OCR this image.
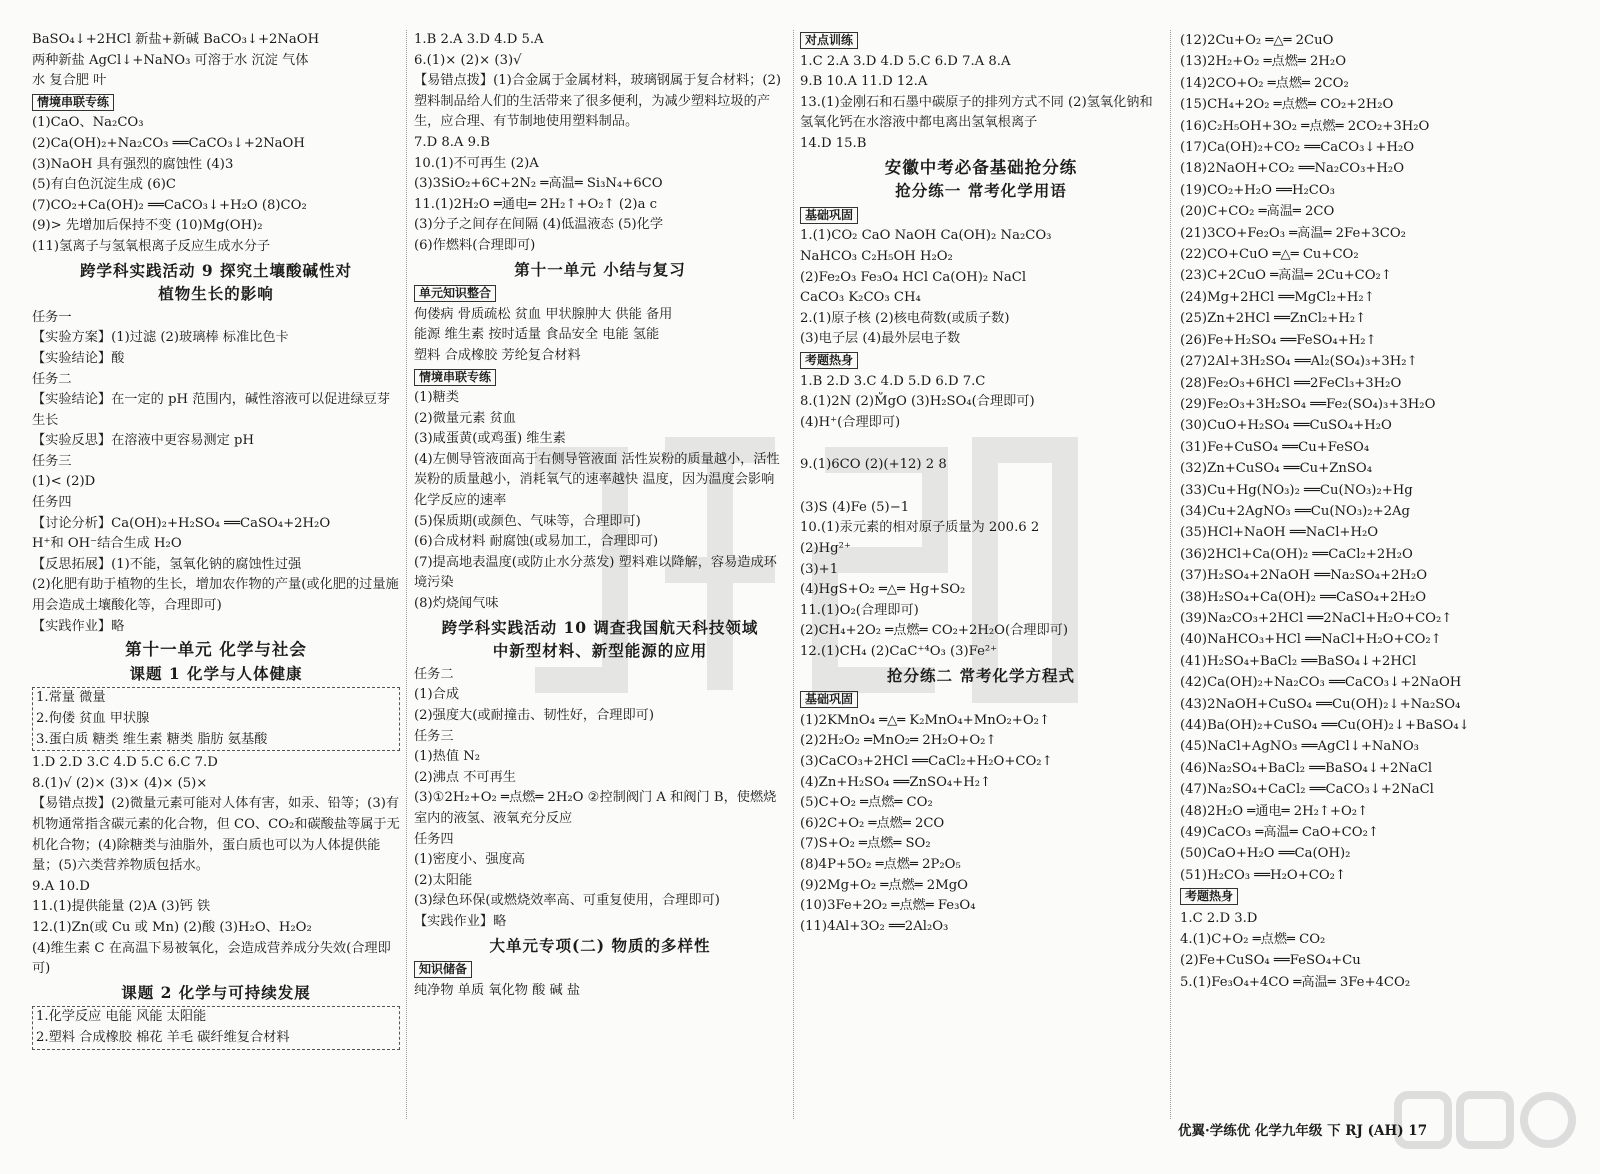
BaSO₄↓+2HCl 新盐+新碱 BaCO₃↓+2NaOH
两种新盐 AgCl↓+NaNO₃ 可溶于水 沉淀 气体
水 复合肥 叶
情境串联专练
(1)CaO、Na₂CO₃
(2)Ca(OH)₂+Na₂CO₃ ══CaCO₃↓+2NaOH
(3)NaOH 具有强烈的腐蚀性 (4)3
(5)有白色沉淀生成 (6)C
(7)CO₂+Ca(OH)₂ ══CaCO₃↓+H₂O (8)CO₂
(9)> 先增加后保持不变 (10)Mg(OH)₂
(11)氢离子与氢氧根离子反应生成水分子
跨学科实践活动 9 探究土壤酸碱性对
植物生长的影响
任务一
【实验方案】(1)过滤 (2)玻璃棒 标准比色卡
【实验结论】酸
任务二
【实验结论】在一定的 pH 范围内，碱性溶液可以促进绿豆芽生长
【实验反思】在溶液中更容易测定 pH
任务三
(1)< (2)D
任务四
【讨论分析】Ca(OH)₂+H₂SO₄ ══CaSO₄+2H₂O
H⁺和 OH⁻结合生成 H₂O
【反思拓展】(1)不能，氢氧化钠的腐蚀性过强
(2)化肥有助于植物的生长，增加农作物的产量(或化肥的过量施用会造成土壤酸化等，合理即可)
【实践作业】略
第十一单元 化学与社会
课题 1 化学与人体健康
1.常量 微量
2.佝偻 贫血 甲状腺
3.蛋白质 糖类 维生素 糖类 脂肪 氨基酸
1.D 2.D 3.C 4.D 5.C 6.C 7.D
8.(1)√ (2)× (3)× (4)× (5)×
【易错点拨】(2)微量元素可能对人体有害，如汞、铅等；(3)有机物通常指含碳元素的化合物，但 CO、CO₂和碳酸盐等属于无机化合物；(4)除糖类与油脂外，蛋白质也可以为人体提供能量；(5)六类营养物质包括水。
9.A 10.D
11.(1)提供能量 (2)A (3)钙 铁
12.(1)Zn(或 Cu 或 Mn) (2)酸 (3)H₂O、H₂O₂
(4)维生素 C 在高温下易被氧化，会造成营养成分失效(合理即可)
课题 2 化学与可持续发展
1.化学反应 电能 风能 太阳能
2.塑料 合成橡胶 棉花 羊毛 碳纤维复合材料
1.B 2.A 3.D 4.D 5.A
6.(1)× (2)× (3)√
【易错点拨】(1)合金属于金属材料，玻璃钢属于复合材料；(2)塑料制品给人们的生活带来了很多便利，为减少塑料垃圾的产生，应合理、有节制地使用塑料制品。
7.D 8.A 9.B
10.(1)不可再生 (2)A
(3)3SiO₂+6C+2N₂ ═高温═ Si₃N₄+6CO
11.(1)2H₂O ═通电═ 2H₂↑+O₂↑ (2)a c
(3)分子之间存在间隔 (4)低温液态 (5)化学
(6)作燃料(合理即可)
第十一单元 小结与复习
单元知识整合
佝偻病 骨质疏松 贫血 甲状腺肿大 供能 备用
能源 维生素 按时适量 食品安全 电能 氢能
塑料 合成橡胶 芳纶复合材料
情境串联专练
(1)糖类
(2)微量元素 贫血
(3)咸蛋黄(或鸡蛋) 维生素
(4)左侧导管液面高于右侧导管液面 活性炭粉的质量越小，活性炭粉的质量越小，消耗氧气的速率越快 温度，因为温度会影响化学反应的速率
(5)保质期(或颜色、气味等，合理即可)
(6)合成材料 耐腐蚀(或易加工，合理即可)
(7)提高地表温度(或防止水分蒸发) 塑料难以降解，容易造成环境污染
(8)灼烧闻气味
跨学科实践活动 10 调查我国航天科技领域
中新型材料、新型能源的应用
任务二
(1)合成
(2)强度大(或耐撞击、韧性好，合理即可)
任务三
(1)热值 N₂
(2)沸点 不可再生
(3)①2H₂+O₂ ═点燃═ 2H₂O ②控制阀门 A 和阀门 B，使燃烧室内的液氢、液氧充分反应
任务四
(1)密度小、强度高
(2)太阳能
(3)绿色环保(或燃烧效率高、可重复使用，合理即可)
【实践作业】略
大单元专项(二) 物质的多样性
知识储备
纯净物 单质 氧化物 酸 碱 盐
对点训练
1.C 2.A 3.D 4.D 5.C 6.D 7.A 8.A
9.B 10.A 11.D 12.A
13.(1)金刚石和石墨中碳原子的排列方式不同 (2)氢氧化钠和氢氧化钙在水溶液中都电离出氢氧根离子
14.D 15.B
安徽中考必备基础抢分练
抢分练一 常考化学用语
基础巩固
1.(1)CO₂ CaO NaOH Ca(OH)₂ Na₂CO₃
NaHCO₃ C₂H₅OH H₂O₂
(2)Fe₂O₃ Fe₃O₄ HCl Ca(OH)₂ NaCl
CaCO₃ K₂CO₃ CH₄
2.(1)原子核 (2)核电荷数(或质子数)
(3)电子层 (4)最外层电子数
考题热身
1.B 2.D 3.C 4.D 5.D 6.D 7.C
8.(1)2N (2)M̊gO (3)H₂SO₄(合理即可)
(4)H⁺(合理即可)
9.(1)6CO (2)(+12) 2 8
(3)S (4)Fe (5)−1
10.(1)汞元素的相对原子质量为 200.6 2
(2)Hg²⁺
(3)+1
(4)HgS+O₂ ═△═ Hg+SO₂
11.(1)O₂(合理即可)
(2)CH₄+2O₂ ═点燃═ CO₂+2H₂O(合理即可)
12.(1)CH₄ (2)CaC⁺⁴O₃ (3)Fe²⁺
抢分练二 常考化学方程式
基础巩固
(1)2KMnO₄ ═△═ K₂MnO₄+MnO₂+O₂↑
(2)2H₂O₂ ═MnO₂═ 2H₂O+O₂↑
(3)CaCO₃+2HCl ══CaCl₂+H₂O+CO₂↑
(4)Zn+H₂SO₄ ══ZnSO₄+H₂↑
(5)C+O₂ ═点燃═ CO₂
(6)2C+O₂ ═点燃═ 2CO
(7)S+O₂ ═点燃═ SO₂
(8)4P+5O₂ ═点燃═ 2P₂O₅
(9)2Mg+O₂ ═点燃═ 2MgO
(10)3Fe+2O₂ ═点燃═ Fe₃O₄
(11)4Al+3O₂ ══2Al₂O₃
(12)2Cu+O₂ ═△═ 2CuO
(13)2H₂+O₂ ═点燃═ 2H₂O
(14)2CO+O₂ ═点燃═ 2CO₂
(15)CH₄+2O₂ ═点燃═ CO₂+2H₂O
(16)C₂H₅OH+3O₂ ═点燃═ 2CO₂+3H₂O
(17)Ca(OH)₂+CO₂ ══CaCO₃↓+H₂O
(18)2NaOH+CO₂ ══Na₂CO₃+H₂O
(19)CO₂+H₂O ══H₂CO₃
(20)C+CO₂ ═高温═ 2CO
(21)3CO+Fe₂O₃ ═高温═ 2Fe+3CO₂
(22)CO+CuO ═△═ Cu+CO₂
(23)C+2CuO ═高温═ 2Cu+CO₂↑
(24)Mg+2HCl ══MgCl₂+H₂↑
(25)Zn+2HCl ══ZnCl₂+H₂↑
(26)Fe+H₂SO₄ ══FeSO₄+H₂↑
(27)2Al+3H₂SO₄ ══Al₂(SO₄)₃+3H₂↑
(28)Fe₂O₃+6HCl ══2FeCl₃+3H₂O
(29)Fe₂O₃+3H₂SO₄ ══Fe₂(SO₄)₃+3H₂O
(30)CuO+H₂SO₄ ══CuSO₄+H₂O
(31)Fe+CuSO₄ ══Cu+FeSO₄
(32)Zn+CuSO₄ ══Cu+ZnSO₄
(33)Cu+Hg(NO₃)₂ ══Cu(NO₃)₂+Hg
(34)Cu+2AgNO₃ ══Cu(NO₃)₂+2Ag
(35)HCl+NaOH ══NaCl+H₂O
(36)2HCl+Ca(OH)₂ ══CaCl₂+2H₂O
(37)H₂SO₄+2NaOH ══Na₂SO₄+2H₂O
(38)H₂SO₄+Ca(OH)₂ ══CaSO₄+2H₂O
(39)Na₂CO₃+2HCl ══2NaCl+H₂O+CO₂↑
(40)NaHCO₃+HCl ══NaCl+H₂O+CO₂↑
(41)H₂SO₄+BaCl₂ ══BaSO₄↓+2HCl
(42)Ca(OH)₂+Na₂CO₃ ══CaCO₃↓+2NaOH
(43)2NaOH+CuSO₄ ══Cu(OH)₂↓+Na₂SO₄
(44)Ba(OH)₂+CuSO₄ ══Cu(OH)₂↓+BaSO₄↓
(45)NaCl+AgNO₃ ══AgCl↓+NaNO₃
(46)Na₂SO₄+BaCl₂ ══BaSO₄↓+2NaCl
(47)Na₂SO₄+CaCl₂ ══CaCO₃↓+2NaCl
(48)2H₂O ═通电═ 2H₂↑+O₂↑
(49)CaCO₃ ═高温═ CaO+CO₂↑
(50)CaO+H₂O ══Ca(OH)₂
(51)H₂CO₃ ══H₂O+CO₂↑
考题热身
1.C 2.D 3.D
4.(1)C+O₂ ═点燃═ CO₂
(2)Fe+CuSO₄ ══FeSO₄+Cu
5.(1)Fe₃O₄+4CO ═高温═ 3Fe+4CO₂
优翼·学练优 化学九年级 下 RJ (AH) 17
